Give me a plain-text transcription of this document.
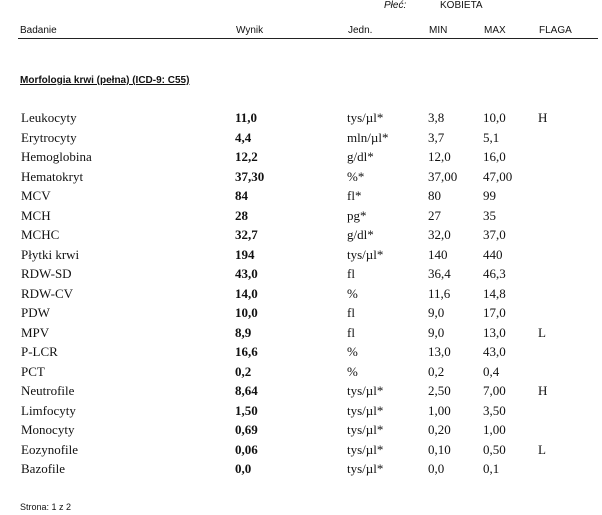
Płeć:	KOBIETA
Badanie	Wynik	Jedn.	MIN	MAX	FLAGA
Morfologia krwi (pełna) (ICD-9: C55)
Leukocyty	11,0	tys/µl*	3,8	10,0 H
Erytrocyty	4,4	mln/µl*	3,7	5,1
Hemoglobina	12,2	g/dl*	12,0 16,0
Hematokryt	37,30	%*	37,00 47,00
MCV	84	fl*	80	99
MCH	28	pg*	27	35
MCHC	32,7	g/dl*	32,0 37,0
Płytki krwi	194	tys/µl*	140	440
RDW-SD	43,0	fl	36,4 46,3
RDW-CV	14,0	%	11,6	14,8
PDW	10,0	fl	9,0	17,0
MPV	8,9	fl	9,0	13,0 L
P-LCR	16,6	%	13,0 43,0
PCT	0,2	%	0,2	0,4
Neutrofile	8,64	tys/µl*	2,50 7,00 H
Limfocyty	1,50	tys/µl*	1,00 3,50
Monocyty	0,69	tys/µl*	0,20 1,00
Eozynofile	0,06	tys/µl*	0,10 0,50 L
Bazofile	0,0	tys/µl*	0,0	0,1
Strona: 1 z 2
